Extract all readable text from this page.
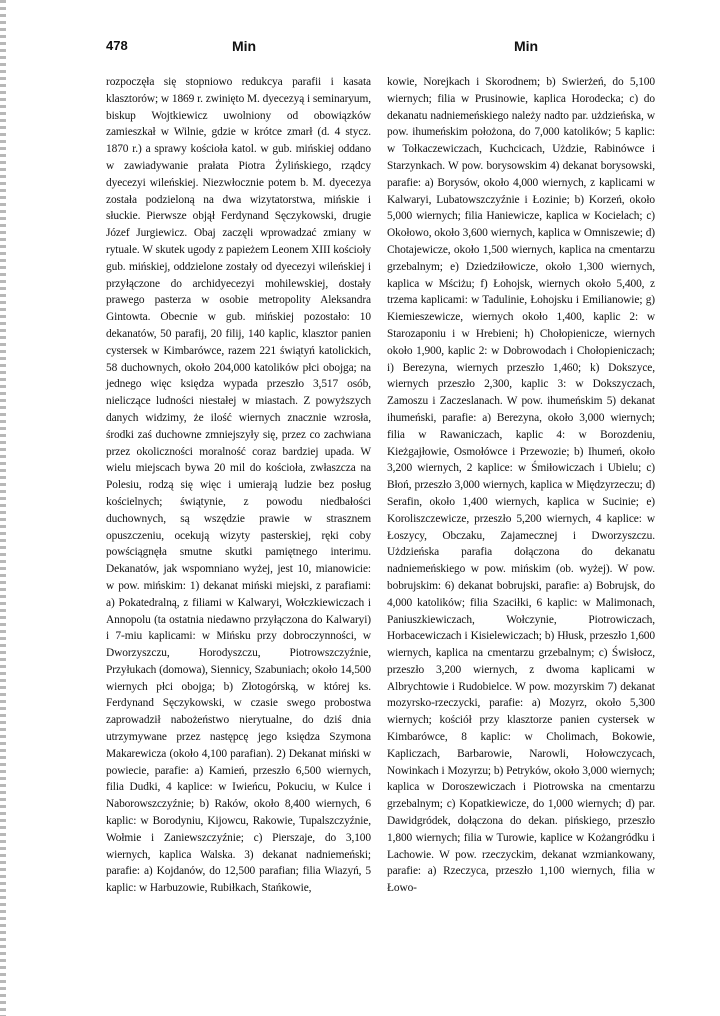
478	Min	Min

rozpoczęła się stopniowo redukcya parafii i kasata klasztorów; w 1869 r. zwinięto M. dyecezyą i seminaryum, biskup Wojtkiewicz uwolniony od obowiązków zamieszkał w Wilnie, gdzie w krótce zmarł (d. 4 stycz. 1870 r.) a sprawy kościoła katol. w gub. mińskiej oddano w zawiadywanie prałata Piotra Żylińskiego, rządcy dyecezyi wileńskiej. Niezwłocznie potem b. M. dyecezya została podzieloną na dwa wizytatorstwa, mińskie i słuckie. Pierwsze objął Ferdynand Sęczykowski, drugie Józef Jurgiewicz. Obaj zaczęli wprowadzać zmiany w rytuale. W skutek ugody z papieżem Leonem XIII kościoły gub. mińskiej, oddzielone zostały od dyecezyi wileńskiej i przyłączone do archidyecezyi mohilewskiej, dostały prawego pasterza w osobie metropolity Aleksandra Gintowta. Obecnie w gub. mińskiej pozostało: 10 dekanatów, 50 parafij, 20 filij, 140 kaplic, klasztor panien cystersek w Kimbarówce, razem 221 świątyń katolickich, 58 duchownych, około 204,000 katolików płci obojga; na jednego więc księdza wypada przeszło 3,517 osób, nieliczące ludności niestałej w miastach. Z powyższych danych widzimy, że ilość wiernych znacznie wzrosła, środki zaś duchowne zmniejszyły się, przez co zachwiana przez okoliczności moralność coraz bardziej upada. W wielu miejscach bywa 20 mil do kościoła, zwłaszcza na Polesiu, rodzą się więc i umierają ludzie bez posług kościelnych; świątynie, z powodu niedbałości duchownych, są wszędzie prawie w strasznem opuszczeniu, ocekują wizyty pasterskiej, ręki coby powściągnęła smutne skutki pamiętnego interimu. Dekanatów, jak wspomniano wyżej, jest 10, mianowicie: w pow. mińskim: 1) dekanat miński miejski, z parafiami: a) Pokatedralną, z filiami w Kalwaryi, Wołczkiewiczach i Annopolu (ta ostatnia niedawno przyłączona do Kalwaryi) i 7-miu kaplicami: w Mińsku przy dobroczynności, w Dworzyszczu, Horodyszczu, Piotrowszczyźnie, Przyłukach (domowa), Siennicy, Szabuniach; około 14,500 wiernych płci obojga; b) Złotogórską, w której ks. Ferdynand Sęczykowski, w czasie swego probostwa zaprowadził nabożeństwo nierytualne, do dziś dnia utrzymywane przez następcę jego księdza Szymona Makarewicza (około 4,100 parafian). 2) Dekanat miński w powiecie, parafie: a) Kamień, przeszło 6,500 wiernych, filia Dudki, 4 kaplice: w Iwieńcu, Pokuciu, w Kulce i Naborowszczyźnie; b) Raków, około 8,400 wiernych, 6 kaplic: w Borodyniu, Kijowcu, Rakowie, Tupalszczyźnie, Wołmie i Zaniewszczyźnie; c) Pierszaje, do 3,100 wiernych, kaplica Walska. 3) dekanat nadniemeński; parafie: a) Kojdanów, do 12,500 parafian; filia Wiazyń, 5 kaplic: w Harbuzowie, Rubiłkach, Stańkowie,

kowie, Norejkach i Skorodnem; b) Swierżeń, do 5,100 wiernych; filia w Prusinowie, kaplica Horodecka; c) do dekanatu nadniemeńskiego należy nadto par. użdzieńska, w pow. ihumeńskim położona, do 7,000 katolików; 5 kaplic: w Tołkaczewiczach, Kuchcicach, Użdzie, Rabinówce i Starzynkach. W pow. borysowskim 4) dekanat borysowski, parafie: a) Borysów, około 4,000 wiernych, z kaplicami w Kalwaryi, Lubatowszczyźnie i Łozinie; b) Korzeń, około 5,000 wiernych; filia Haniewicze, kaplica w Kocielach; c) Okołowo, około 3,600 wiernych, kaplica w Omniszewie; d) Chotajewicze, około 1,500 wiernych, kaplica na cmentarzu grzebalnym; e) Dziedziłowicze, około 1,300 wiernych, kaplica w Mściżu; f) Łohojsk, wiernych około 5,400, z trzema kaplicami: w Tadulinie, Łohojsku i Emilianowie; g) Kiemieszewicze, wiernych około 1,400, kaplic 2: w Starozaponiu i w Hrebieni; h) Chołopienicze, wiernych około 1,900, kaplic 2: w Dobrowodach i Chołopieniczach; i) Berezyna, wiernych przeszło 1,460; k) Dokszyce, wiernych przeszło 2,300, kaplic 3: w Dokszyczach, Zamoszu i Zaczeslanach. W pow. ihumeńskim 5) dekanat ihumeński, parafie: a) Berezyna, około 3,000 wiernych; filia w Rawaniczach, kaplic 4: w Borozdeniu, Kieżgajłowie, Osmołówce i Przewozie; b) Ihumeń, około 3,200 wiernych, 2 kaplice: w Śmiłowiczach i Ubielu; c) Błoń, przeszło 3,000 wiernych, kaplica w Międzyrzeczu; d) Serafin, około 1,400 wiernych, kaplica w Sucinie; e) Koroliszczewicze, przeszło 5,200 wiernych, 4 kaplice: w Łoszycy, Obczaku, Zajamecznej i Dworzyszczu. Użdzieńska parafia dołączona do dekanatu nadniemeńskiego w pow. mińskim (ob. wyżej). W pow. bobrujskim: 6) dekanat bobrujski, parafie: a) Bobrujsk, do 4,000 katolików; filia Szaciłki, 6 kaplic: w Malimonach, Paniuszkiewiczach, Wołczynie, Piotrowiczach, Horbacewiczach i Kisielewiczach; b) Hłusk, przeszło 1,600 wiernych, kaplica na cmentarzu grzebalnym; c) Świsłocz, przeszło 3,200 wiernych, z dwoma kaplicami w Albrychtowie i Rudobielce. W pow. mozyrskim 7) dekanat mozyrsko-rzeczycki, parafie: a) Mozyrz, około 5,300 wiernych; kościół przy klasztorze panien cystersek w Kimbarówce, 8 kaplic: w Cholimach, Bokowie, Kapliczach, Barbarowie, Narowli, Hołowczycach, Nowinkach i Mozyrzu; b) Petryków, około 3,000 wiernych; kaplica w Doroszewiczach i Piotrowska na cmentarzu grzebalnym; c) Kopatkiewicze, do 1,000 wiernych; d) par. Dawidgródek, dołączona do dekan. pińskiego, przeszło 1,800 wiernych; filia w Turowie, kaplice w Kożangródku i Lachowie. W pow. rzeczyckim, dekanat wzmiankowany, parafie: a) Rzeczyca, przeszło 1,100 wiernych, filia w Łowo-
